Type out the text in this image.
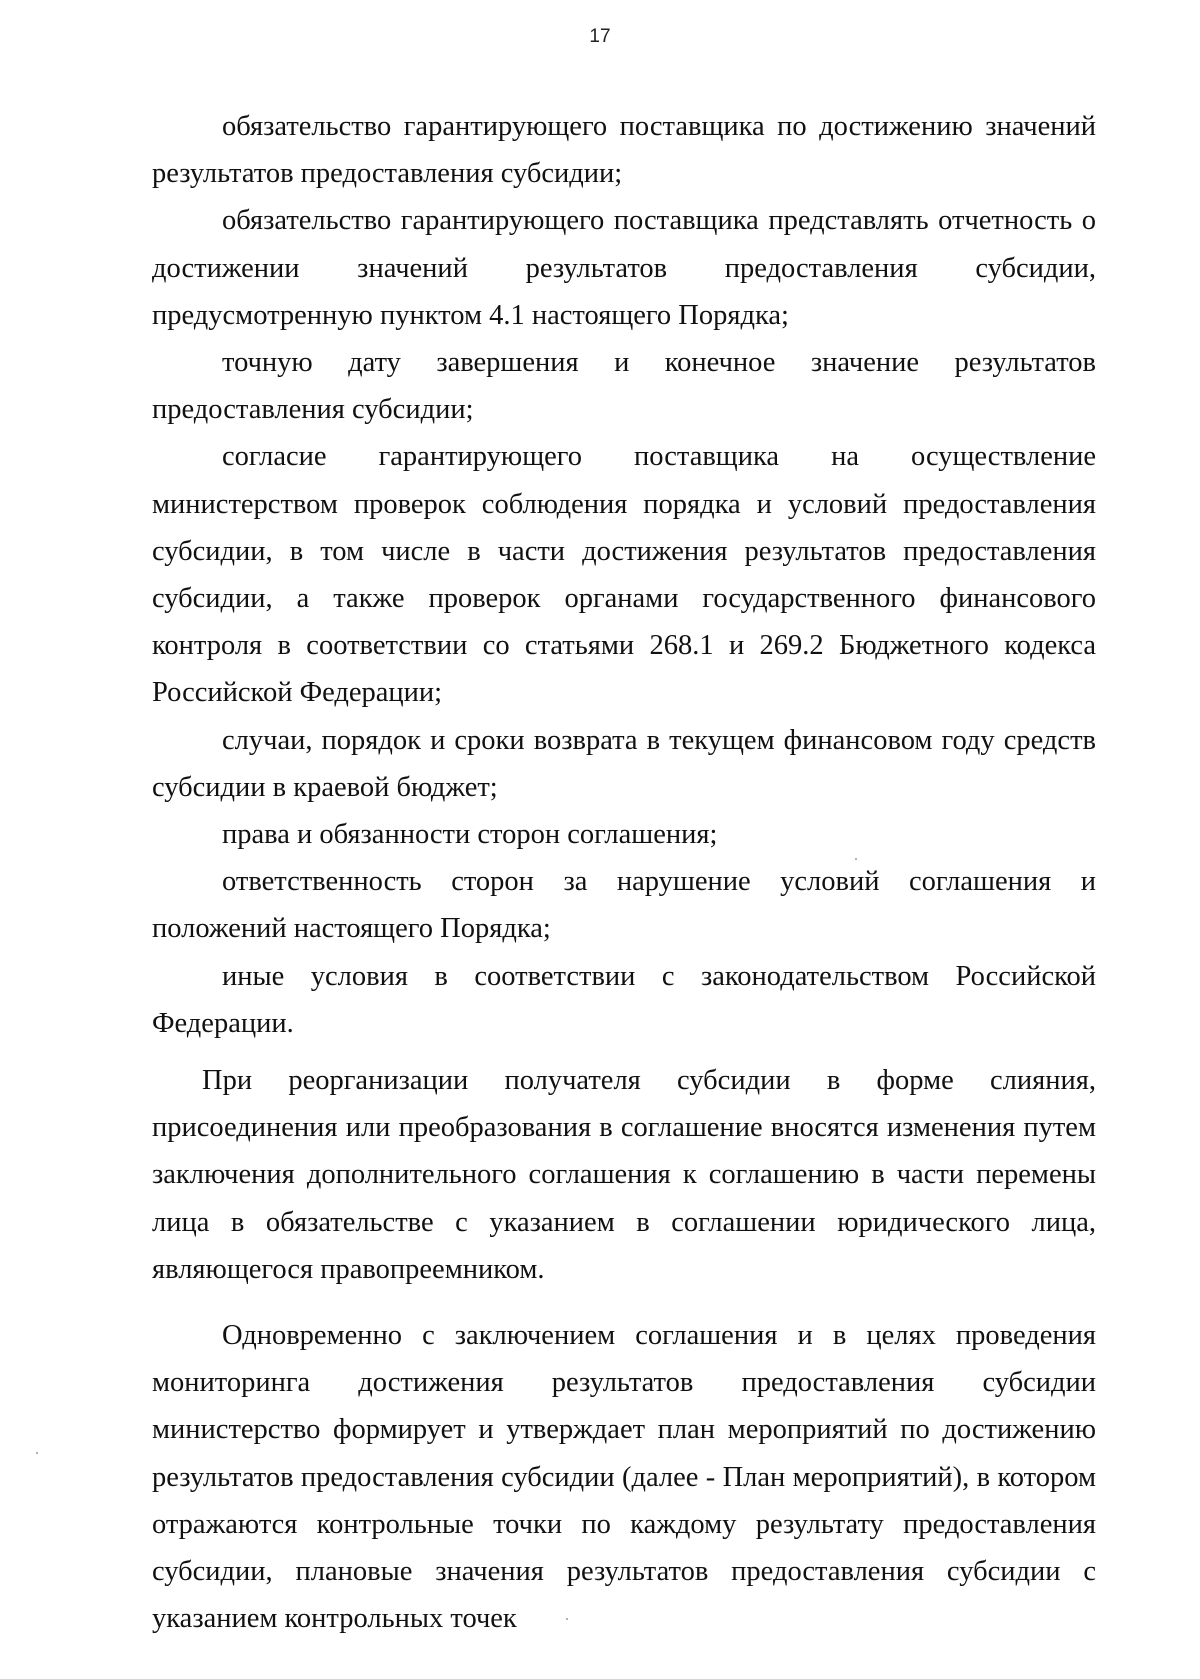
17

обязательство гарантирующего поставщика по достижению значений результатов предоставления субсидии;

обязательство гарантирующего поставщика представлять отчетность о достижении значений результатов предоставления субсидии, предусмотренную пунктом 4.1 настоящего Порядка;

точную дату завершения и конечное значение результатов предоставления субсидии;

согласие гарантирующего поставщика на осуществление министерством проверок соблюдения порядка и условий предоставления субсидии, в том числе в части достижения результатов предоставления субсидии, а также проверок органами государственного финансового контроля в соответствии со статьями 268.1 и 269.2 Бюджетного кодекса Российской Федерации;

случаи, порядок и сроки возврата в текущем финансовом году средств субсидии в краевой бюджет;

права и обязанности сторон соглашения;

ответственность сторон за нарушение условий соглашения и положений настоящего Порядка;

иные условия в соответствии с законодательством Российской Федерации.

При реорганизации получателя субсидии в форме слияния, присоединения или преобразования в соглашение вносятся изменения путем заключения дополнительного соглашения к соглашению в части перемены лица в обязательстве с указанием в соглашении юридического лица, являющегося правопреемником.

Одновременно с заключением соглашения и в целях проведения мониторинга достижения результатов предоставления субсидии министерство формирует и утверждает план мероприятий по достижению результатов предоставления субсидии (далее - План мероприятий), в котором отражаются контрольные точки по каждому результату предоставления субсидии, плановые значения результатов предоставления субсидии с указанием контрольных точек
